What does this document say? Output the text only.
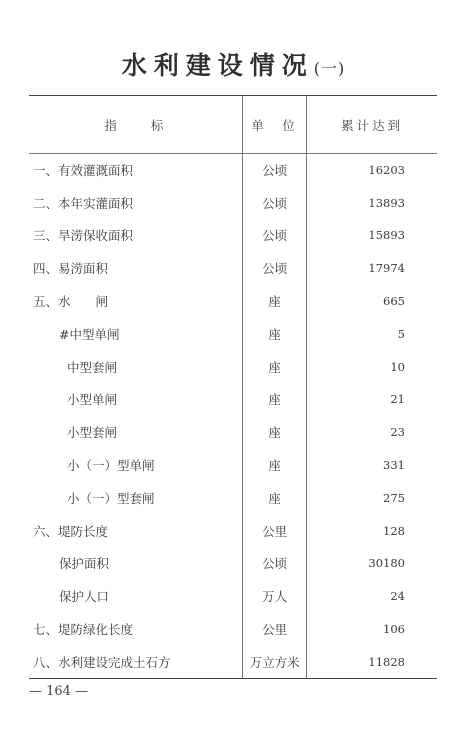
水利建设情况(一)
指　　标	单　位	累计达到
一、有效灌溉面积	公顷	16203
二、本年实灌面积	公顷	13893
三、旱涝保收面积	公顷	15893
四、易涝面积	公顷	17974
五、水　　闸	座	665
#中型单闸	座	5
中型套闸	座	10
小型单闸	座	21
小型套闸	座	23
小（一）型单闸	座	331
小（一）型套闸	座	275
六、堤防长度	公里	128
保护面积	公顷	30180
保护人口	万人	24
七、堤防绿化长度	公里	106
八、水利建设完成土石方	万立方米	11828
— 164 —
